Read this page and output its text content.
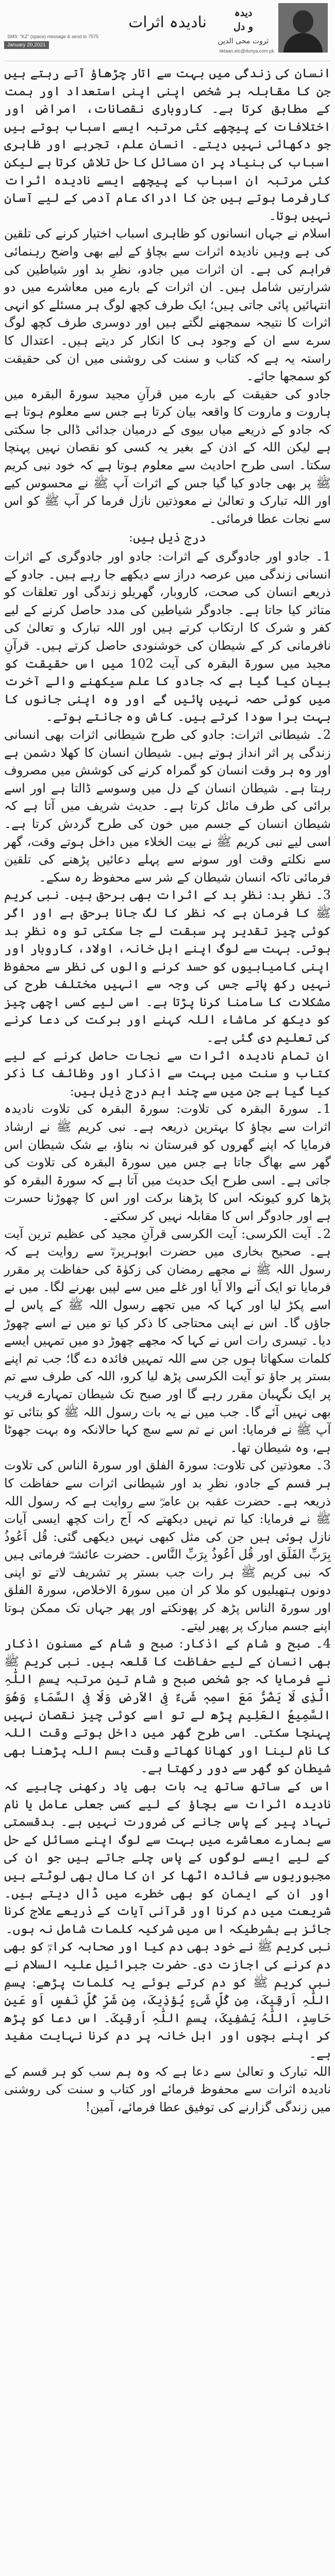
January 20,2021
SMS: "KZ" (space) message & send to 7575
نادیدہ اثرات
دیدہ
و دل
ثروت محی الدین
tiktaan.etc@dunya.com.pk

انسان کی زندگی میں بہت سے اتار چڑھاؤ آتے رہتے ہیں جن کا مقابلہ ہر شخص اپنی اپنی استعداد اور ہمت کے مطابق کرتا ہے۔ کاروباری نقصانات، امراض اور اختلافات کے پیچھے کئی مرتبہ ایسے اسباب ہوتے ہیں جو دکھائی نہیں دیتے۔ انسان علم، تجربے اور ظاہری اسباب کی بنیاد پر ان مسائل کا حل تلاش کرتا ہے لیکن کئی مرتبہ ان اسباب کے پیچھے ایسے نادیدہ اثرات کارفرما ہوتے ہیں جن کا ادراک عام آدمی کے لیے آسان نہیں ہوتا۔

اسلام نے جہاں انسانوں کو ظاہری اسباب اختیار کرنے کی تلقین کی ہے وہیں نادیدہ اثرات سے بچاؤ کے لیے بھی واضح رہنمائی فراہم کی ہے۔ ان اثرات میں جادو، نظرِ بد اور شیاطین کی شرارتیں شامل ہیں۔ ان اثرات کے بارے میں معاشرے میں دو انتہائیں پائی جاتی ہیں؛ ایک طرف کچھ لوگ ہر مسئلے کو انہی اثرات کا نتیجہ سمجھنے لگتے ہیں اور دوسری طرف کچھ لوگ سرے سے ان کے وجود ہی کا انکار کر دیتے ہیں۔ اعتدال کا راستہ یہ ہے کہ کتاب و سنت کی روشنی میں ان کی حقیقت کو سمجھا جائے۔

جادو کی حقیقت کے بارے میں قرآنِ مجید سورۃ البقرہ میں ہاروت و ماروت کا واقعہ بیان کرتا ہے جس سے معلوم ہوتا ہے کہ جادو کے ذریعے میاں بیوی کے درمیان جدائی ڈالی جا سکتی ہے لیکن اللہ کے اذن کے بغیر یہ کسی کو نقصان نہیں پہنچا سکتا۔ اسی طرح احادیث سے معلوم ہوتا ہے کہ خود نبی کریم ﷺ پر بھی جادو کیا گیا جس کے اثرات آپ ﷺ نے محسوس کیے اور اللہ تبارک و تعالیٰ نے معوذتین نازل فرما کر آپ ﷺ کو اس سے نجات عطا فرمائی۔

درج ذیل ہیں:

1۔ جادو اور جادوگری کے اثرات: جادو اور جادوگری کے اثرات انسانی زندگی میں عرصہ دراز سے دیکھے جا رہے ہیں۔ جادو کے ذریعے انسان کی صحت، کاروبار، گھریلو زندگی اور تعلقات کو متاثر کیا جاتا ہے۔ جادوگر شیاطین کی مدد حاصل کرنے کے لیے کفر و شرک کا ارتکاب کرتے ہیں اور اللہ تبارک و تعالیٰ کی نافرمانی کر کے شیطان کی خوشنودی حاصل کرتے ہیں۔ قرآنِ مجید میں سورۃ البقرہ کی آیت 102 میں اس حقیقت کو بیان کیا گیا ہے کہ جادو کا علم سیکھنے والے آخرت میں کوئی حصہ نہیں پائیں گے اور وہ اپنی جانوں کا بہت برا سودا کرتے ہیں۔ کاش وہ جانتے ہوتے۔

2۔ شیطانی اثرات: جادو کی طرح شیطانی اثرات بھی انسانی زندگی پر اثر انداز ہوتے ہیں۔ شیطان انسان کا کھلا دشمن ہے اور وہ ہر وقت انسان کو گمراہ کرنے کی کوشش میں مصروف رہتا ہے۔ شیطان انسان کے دل میں وسوسے ڈالتا ہے اور اسے برائی کی طرف مائل کرتا ہے۔ حدیث شریف میں آتا ہے کہ شیطان انسان کے جسم میں خون کی طرح گردش کرتا ہے۔ اسی لیے نبی کریم ﷺ نے بیت الخلاء میں داخل ہوتے وقت، گھر سے نکلتے وقت اور سونے سے پہلے دعائیں پڑھنے کی تلقین فرمائی تاکہ انسان شیطان کے شر سے محفوظ رہ سکے۔

3۔ نظرِ بد: نظرِ بد کے اثرات بھی برحق ہیں۔ نبی کریم ﷺ کا فرمان ہے کہ نظر کا لگ جانا برحق ہے اور اگر کوئی چیز تقدیر پر سبقت لے جا سکتی تو وہ نظرِ بد ہوتی۔ بہت سے لوگ اپنے اہل خانہ، اولاد، کاروبار اور اپنی کامیابیوں کو حسد کرنے والوں کی نظر سے محفوظ نہیں رکھ پاتے جس کی وجہ سے انہیں مختلف طرح کی مشکلات کا سامنا کرنا پڑتا ہے۔ اسی لیے کسی اچھی چیز کو دیکھ کر ماشاء اللہ کہنے اور برکت کی دعا کرنے کی تعلیم دی گئی ہے۔

ان تمام نادیدہ اثرات سے نجات حاصل کرنے کے لیے کتاب و سنت میں بہت سے اذکار اور وظائف کا ذکر کیا گیا ہے جن میں سے چند اہم درج ذیل ہیں:

1۔ سورۃ البقرہ کی تلاوت: سورۃ البقرہ کی تلاوت نادیدہ اثرات سے بچاؤ کا بہترین ذریعہ ہے۔ نبی کریم ﷺ نے ارشاد فرمایا کہ اپنے گھروں کو قبرستان نہ بناؤ، بے شک شیطان اس گھر سے بھاگ جاتا ہے جس میں سورۃ البقرہ کی تلاوت کی جاتی ہے۔ اسی طرح ایک حدیث میں آتا ہے کہ سورۃ البقرہ کو پڑھا کرو کیونکہ اس کا پڑھنا برکت اور اس کا چھوڑنا حسرت ہے اور جادوگر اس کا مقابلہ نہیں کر سکتے۔

2۔ آیت الکرسی: آیت الکرسی قرآنِ مجید کی عظیم ترین آیت ہے۔ صحیح بخاری میں حضرت ابوہریرہؓ سے روایت ہے کہ رسول اللہ ﷺ نے مجھے رمضان کی زکوٰۃ کی حفاظت پر مقرر فرمایا تو ایک آنے والا آیا اور غلے میں سے لپیں بھرنے لگا۔ میں نے اسے پکڑ لیا اور کہا کہ میں تجھے رسول اللہ ﷺ کے پاس لے جاؤں گا۔ اس نے اپنی محتاجی کا ذکر کیا تو میں نے اسے چھوڑ دیا۔ تیسری رات اس نے کہا کہ مجھے چھوڑ دو میں تمہیں ایسے کلمات سکھاتا ہوں جن سے اللہ تمہیں فائدہ دے گا؛ جب تم اپنے بستر پر جاؤ تو آیت الکرسی پڑھ لیا کرو، اللہ کی طرف سے تم پر ایک نگہبان مقرر رہے گا اور صبح تک شیطان تمہارے قریب بھی نہیں آئے گا۔ جب میں نے یہ بات رسول اللہ ﷺ کو بتائی تو آپ ﷺ نے فرمایا: اس نے تم سے سچ کہا حالانکہ وہ بہت جھوٹا ہے، وہ شیطان تھا۔

3۔ معوذتین کی تلاوت: سورۃ الفلق اور سورۃ الناس کی تلاوت ہر قسم کے جادو، نظرِ بد اور شیطانی اثرات سے حفاظت کا ذریعہ ہے۔ حضرت عقبہ بن عامرؓ سے روایت ہے کہ رسول اللہ ﷺ نے فرمایا: کیا تم نہیں دیکھتے کہ آج رات کچھ ایسی آیات نازل ہوئی ہیں جن کی مثل کبھی نہیں دیکھی گئی: قُل اَعُوذُ بِرَبِّ الفَلَق اور قُل اَعُوذُ بِرَبِّ النَّاس۔ حضرت عائشہؓ فرماتی ہیں کہ نبی کریم ﷺ ہر رات جب بستر پر تشریف لاتے تو اپنی دونوں ہتھیلیوں کو ملا کر ان میں سورۃ الاخلاص، سورۃ الفلق اور سورۃ الناس پڑھ کر پھونکتے اور پھر جہاں تک ممکن ہوتا اپنے جسم مبارک پر پھیر لیتے۔

4۔ صبح و شام کے اذکار: صبح و شام کے مسنون اذکار بھی انسان کے لیے حفاظت کا قلعہ ہیں۔ نبی کریم ﷺ نے فرمایا کہ جو شخص صبح و شام تین مرتبہ بِسمِ اللّٰہِ الَّذِی لَا یَضُرُّ مَعَ اسمِہٖ شَیءٌ فِی الاَرضِ وَلَا فِی السَّمَاءِ وَھُوَ السَّمِیعُ العَلِیم پڑھ لے تو اسے کوئی چیز نقصان نہیں پہنچا سکتی۔ اسی طرح گھر میں داخل ہوتے وقت اللہ کا نام لینا اور کھانا کھاتے وقت بسم اللہ پڑھنا بھی شیطان کو گھر سے دور رکھتا ہے۔

اس کے ساتھ ساتھ یہ بات بھی یاد رکھنی چاہیے کہ نادیدہ اثرات سے بچاؤ کے لیے کسی جعلی عامل یا نام نہاد پیر کے پاس جانے کی ضرورت نہیں ہے۔ بدقسمتی سے ہمارے معاشرے میں بہت سے لوگ اپنے مسائل کے حل کے لیے ایسے لوگوں کے پاس چلے جاتے ہیں جو ان کی مجبوریوں سے فائدہ اٹھا کر ان کا مال بھی لوٹتے ہیں اور ان کے ایمان کو بھی خطرے میں ڈال دیتے ہیں۔ شریعت میں دم کرنا اور قرآنی آیات کے ذریعے علاج کرنا جائز ہے بشرطیکہ اس میں شرکیہ کلمات شامل نہ ہوں۔

نبی کریم ﷺ نے خود بھی دم کیا اور صحابہ کرامؓ کو بھی دم کرنے کی اجازت دی۔ حضرت جبرائیل علیہ السلام نے نبی کریم ﷺ کو دم کرتے ہوئے یہ کلمات پڑھے: بِسمِ اللّٰہِ اَرقِیکَ، مِن کُلِّ شَیءٍ یُؤذِیکَ، مِن شَرِّ کُلِّ نَفسٍ اَو عَینِ حَاسِدٍ، اللّٰہُ یَشفِیکَ، بِسمِ اللّٰہِ اَرقِیکَ۔ اس دعا کو پڑھ کر اپنے بچوں اور اہل خانہ پر دم کرنا نہایت مفید ہے۔

اللہ تبارک و تعالیٰ سے دعا ہے کہ وہ ہم سب کو ہر قسم کے نادیدہ اثرات سے محفوظ فرمائے اور کتاب و سنت کی روشنی میں زندگی گزارنے کی توفیق عطا فرمائے، آمین!
